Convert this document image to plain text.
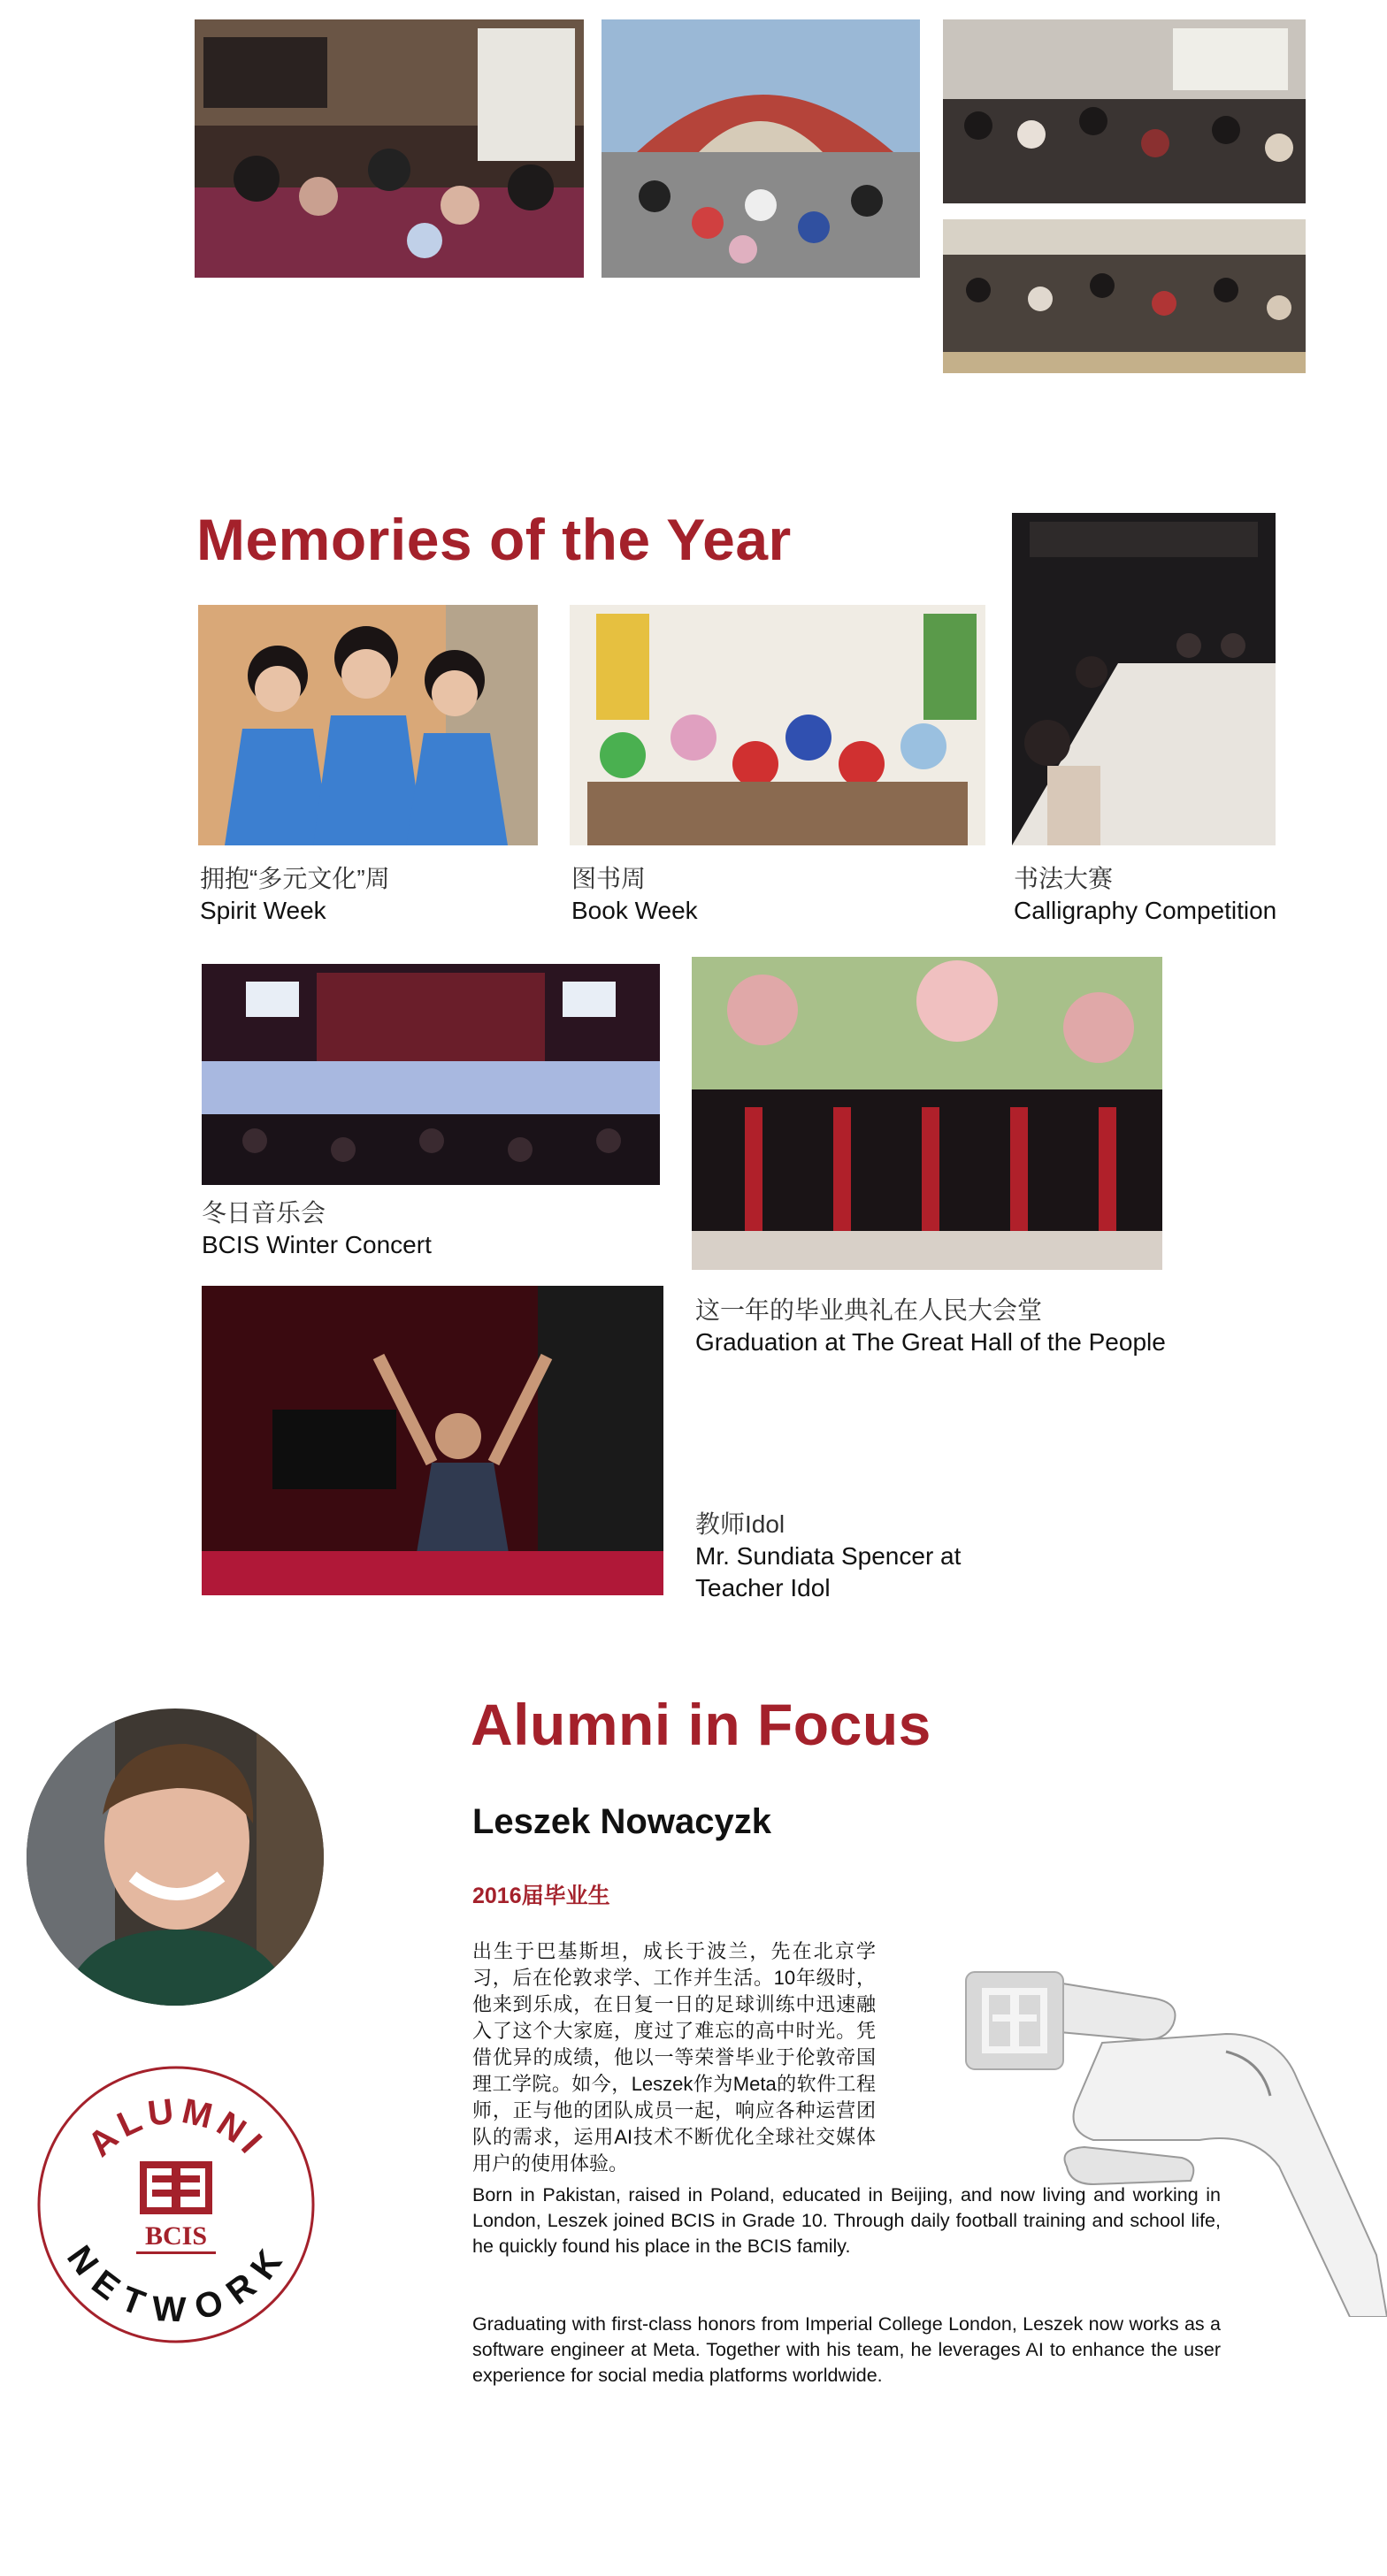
Memories of the Year
拥抱“多元文化”周
Spirit Week
图书周
Book Week
书法大赛
Calligraphy Competition
冬日音乐会
BCIS Winter Concert
这一年的毕业典礼在人民大会堂
Graduation at The Great Hall of the People
教师Idol
Mr. Sundiata Spencer at Teacher Idol
ALUMNI
NETWORK
BCIS
Alumni in Focus
Leszek Nowacyzk
2016届毕业生

出生于巴基斯坦，成长于波兰，先在北京学习，后在伦敦求学、工作并生活。10年级时，他来到乐成，在日复一日的足球训练中迅速融入了这个大家庭，度过了难忘的高中时光。凭借优异的成绩，他以一等荣誉毕业于伦敦帝国理工学院。如今，Leszek作为Meta的软件工程师，正与他的团队成员一起，响应各种运营团队的需求，运用AI技术不断优化全球社交媒体用户的使用体验。

Born in Pakistan, raised in Poland, educated in Beijing, and now living and working in London, Leszek joined BCIS in Grade 10. Through daily football training and school life, he quickly found his place in the BCIS family.

Graduating with first-class honors from Imperial College London, Leszek now works as a software engineer at Meta. Together with his team, he leverages AI to enhance the user experience for social media platforms worldwide.
